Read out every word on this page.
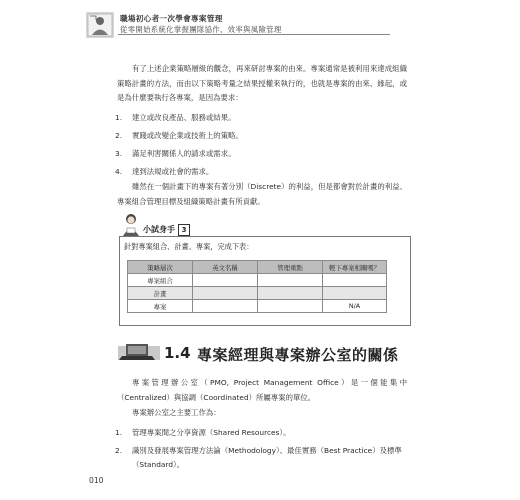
職場初心者一次學會專案管理
從零開始系統化掌握團隊協作、效率與風險管理

有了上述企業策略層級的觀念，再來研討專案的由來。專案通常是被利用來達成組織策略計畫的方法，而由以下策略考量之結果授權來執行的，也就是專案的由來、緣起，或是為什麼要執行各專案，是因為要求：

1. 建立或改良產品、服務或結果。
2. 實踐或改變企業或技術上的策略。
3. 滿足利害關係人的請求或需求。
4. 達到法規或社會的需求。

雖然在一個計畫下的專案有著分別（Discrete）的利益，但是都會對於計畫的利益、專案組合管理目標及組織策略計畫有所貢獻。

小試身手 3
針對專案組合、計畫、專案，完成下表：
策略層次	英文名稱	管理重點	輕下專案相關嗎？
專案組合			
計畫			
專案			N/A
1.4 專案經理與專案辦公室的關係

專案管理辦公室（PMO, Project Management Office）是一個能集中（Centralized）與協調（Coordinated）所屬專案的單位。

專案辦公室之主要工作為：

1. 管理專案間之分享資源（Shared Resources）。
2. 識別及發展專案管理方法論（Methodology）、最佳實務（Best Practice）及標準（Standard）。
010
